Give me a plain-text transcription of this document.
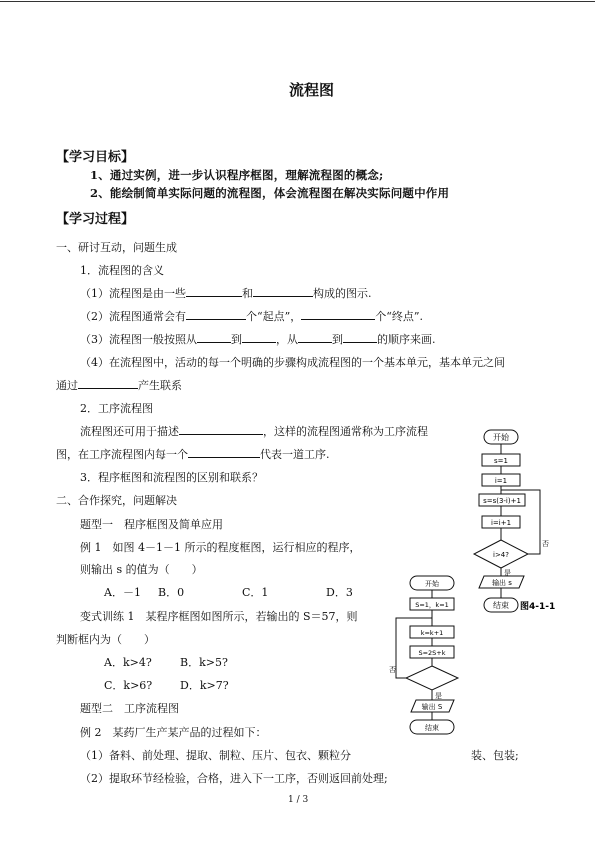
流程图
【学习目标】
1、通过实例，进一步认识程序框图，理解流程图的概念;
2、能绘制简单实际问题的流程图，体会流程图在解决实际问题中作用
【学习过程】
一、研讨互动，问题生成
1．流程图的含义
（1）流程图是由一些	和	构成的图示.
（2）流程图通常会有	个“起点”，	个“终点”.
（3）流程图一般按照从	到	，从	到	的顺序来画.
（4）在流程图中，活动的每一个明确的步骤构成流程图的一个基本单元，基本单元之间
通过	产生联系
2．工序流程图
流程图还可用于描述	，这样的流程图通常称为工序流程
图，在工序流程图内每一个	代表一道工序.
3．程序框图和流程图的区别和联系？
二、合作探究，问题解决
题型一　程序框图及简单应用
例 1　如图 4－1－1 所示的程度框图，运行相应的程序，
则输出 s 的值为（　　）
A．－1 B．0	C．1	D．3
变式训练 1　某程序框图如图所示，若输出的 S＝57，则
判断框内为（　　）
A．k>4?	B．k>5?
C．k>6?	D．k>7?
题型二　工序流程图
例 2　某药厂生产某产品的过程如下：
（1）备料、前处理、提取、制粒、压片、包衣、颗粒分	装、包装;
（2）提取环节经检验，合格，进入下一工序，否则返回前处理;
1 / 3
开始
s=1
i=1
s=s(3-i)+1
i=i+1
i>4?
否
是
输出 s
结束 图4-1-1
开始
S=1，k=1
k=k+1
S=2S+k
否
是
输出 S
结束
